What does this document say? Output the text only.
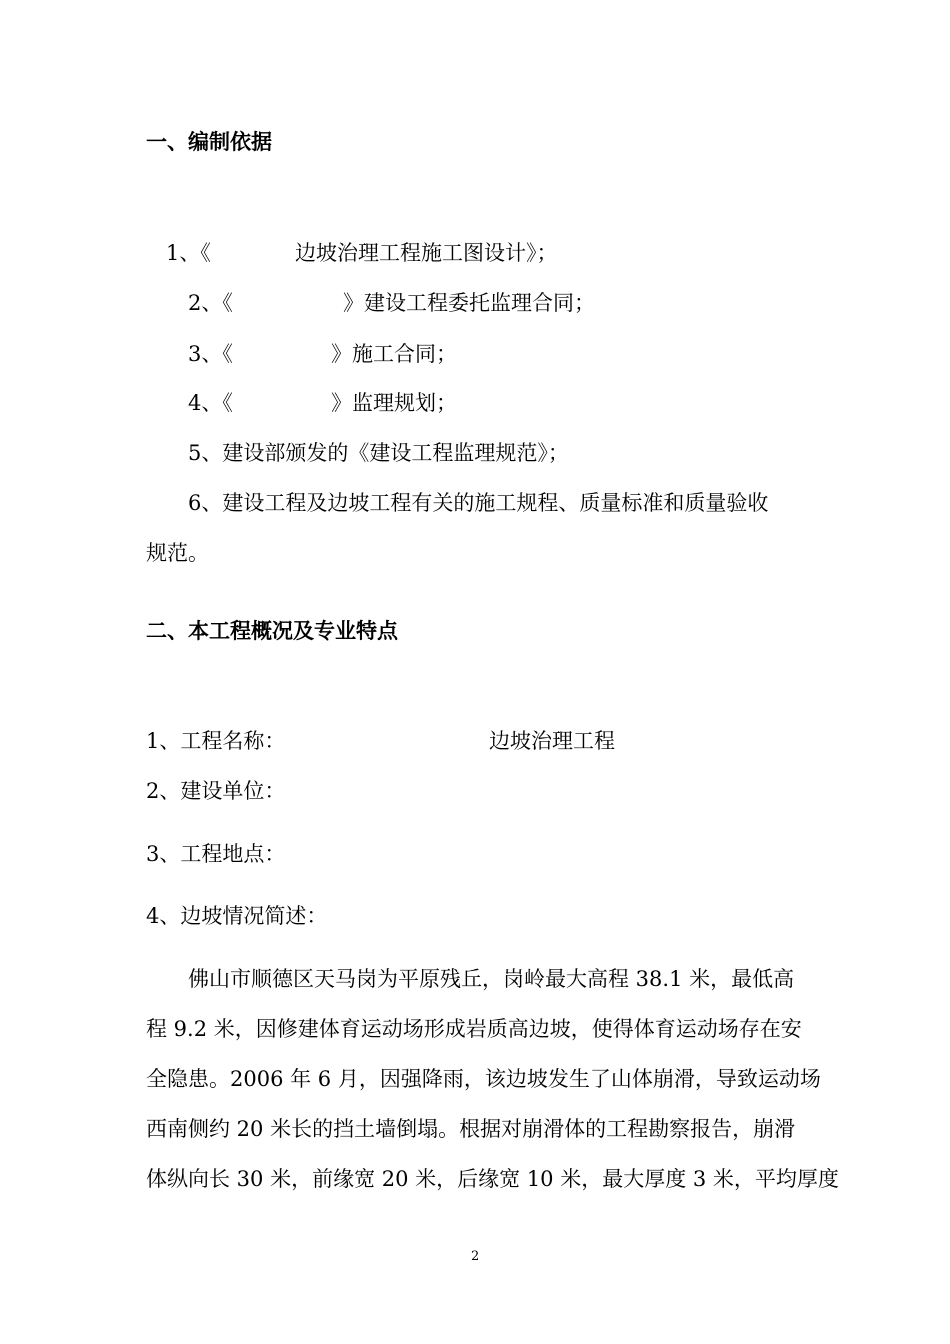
一、编制依据
1、《	边坡治理工程施工图设计》；
2、《	》建设工程委托监理合同；
3、《	》施工合同；
4、《	》监理规划；
5、建设部颁发的《建设工程监理规范》；
6、建设工程及边坡工程有关的施工规程、质量标准和质量验收
规范。
二、本工程概况及专业特点
1、工程名称：	边坡治理工程
2、建设单位：
3、工程地点：
4、边坡情况简述：
佛山市顺德区天马岗为平原残丘，岗岭最大高程 38.1 米，最低高
程 9.2 米，因修建体育运动场形成岩质高边坡，使得体育运动场存在安
全隐患。2006 年 6 月，因强降雨，该边坡发生了山体崩滑，导致运动场
西南侧约 20 米长的挡土墙倒塌。根据对崩滑体的工程勘察报告，崩滑
体纵向长 30 米，前缘宽 20 米，后缘宽 10 米，最大厚度 3 米，平均厚度
2
